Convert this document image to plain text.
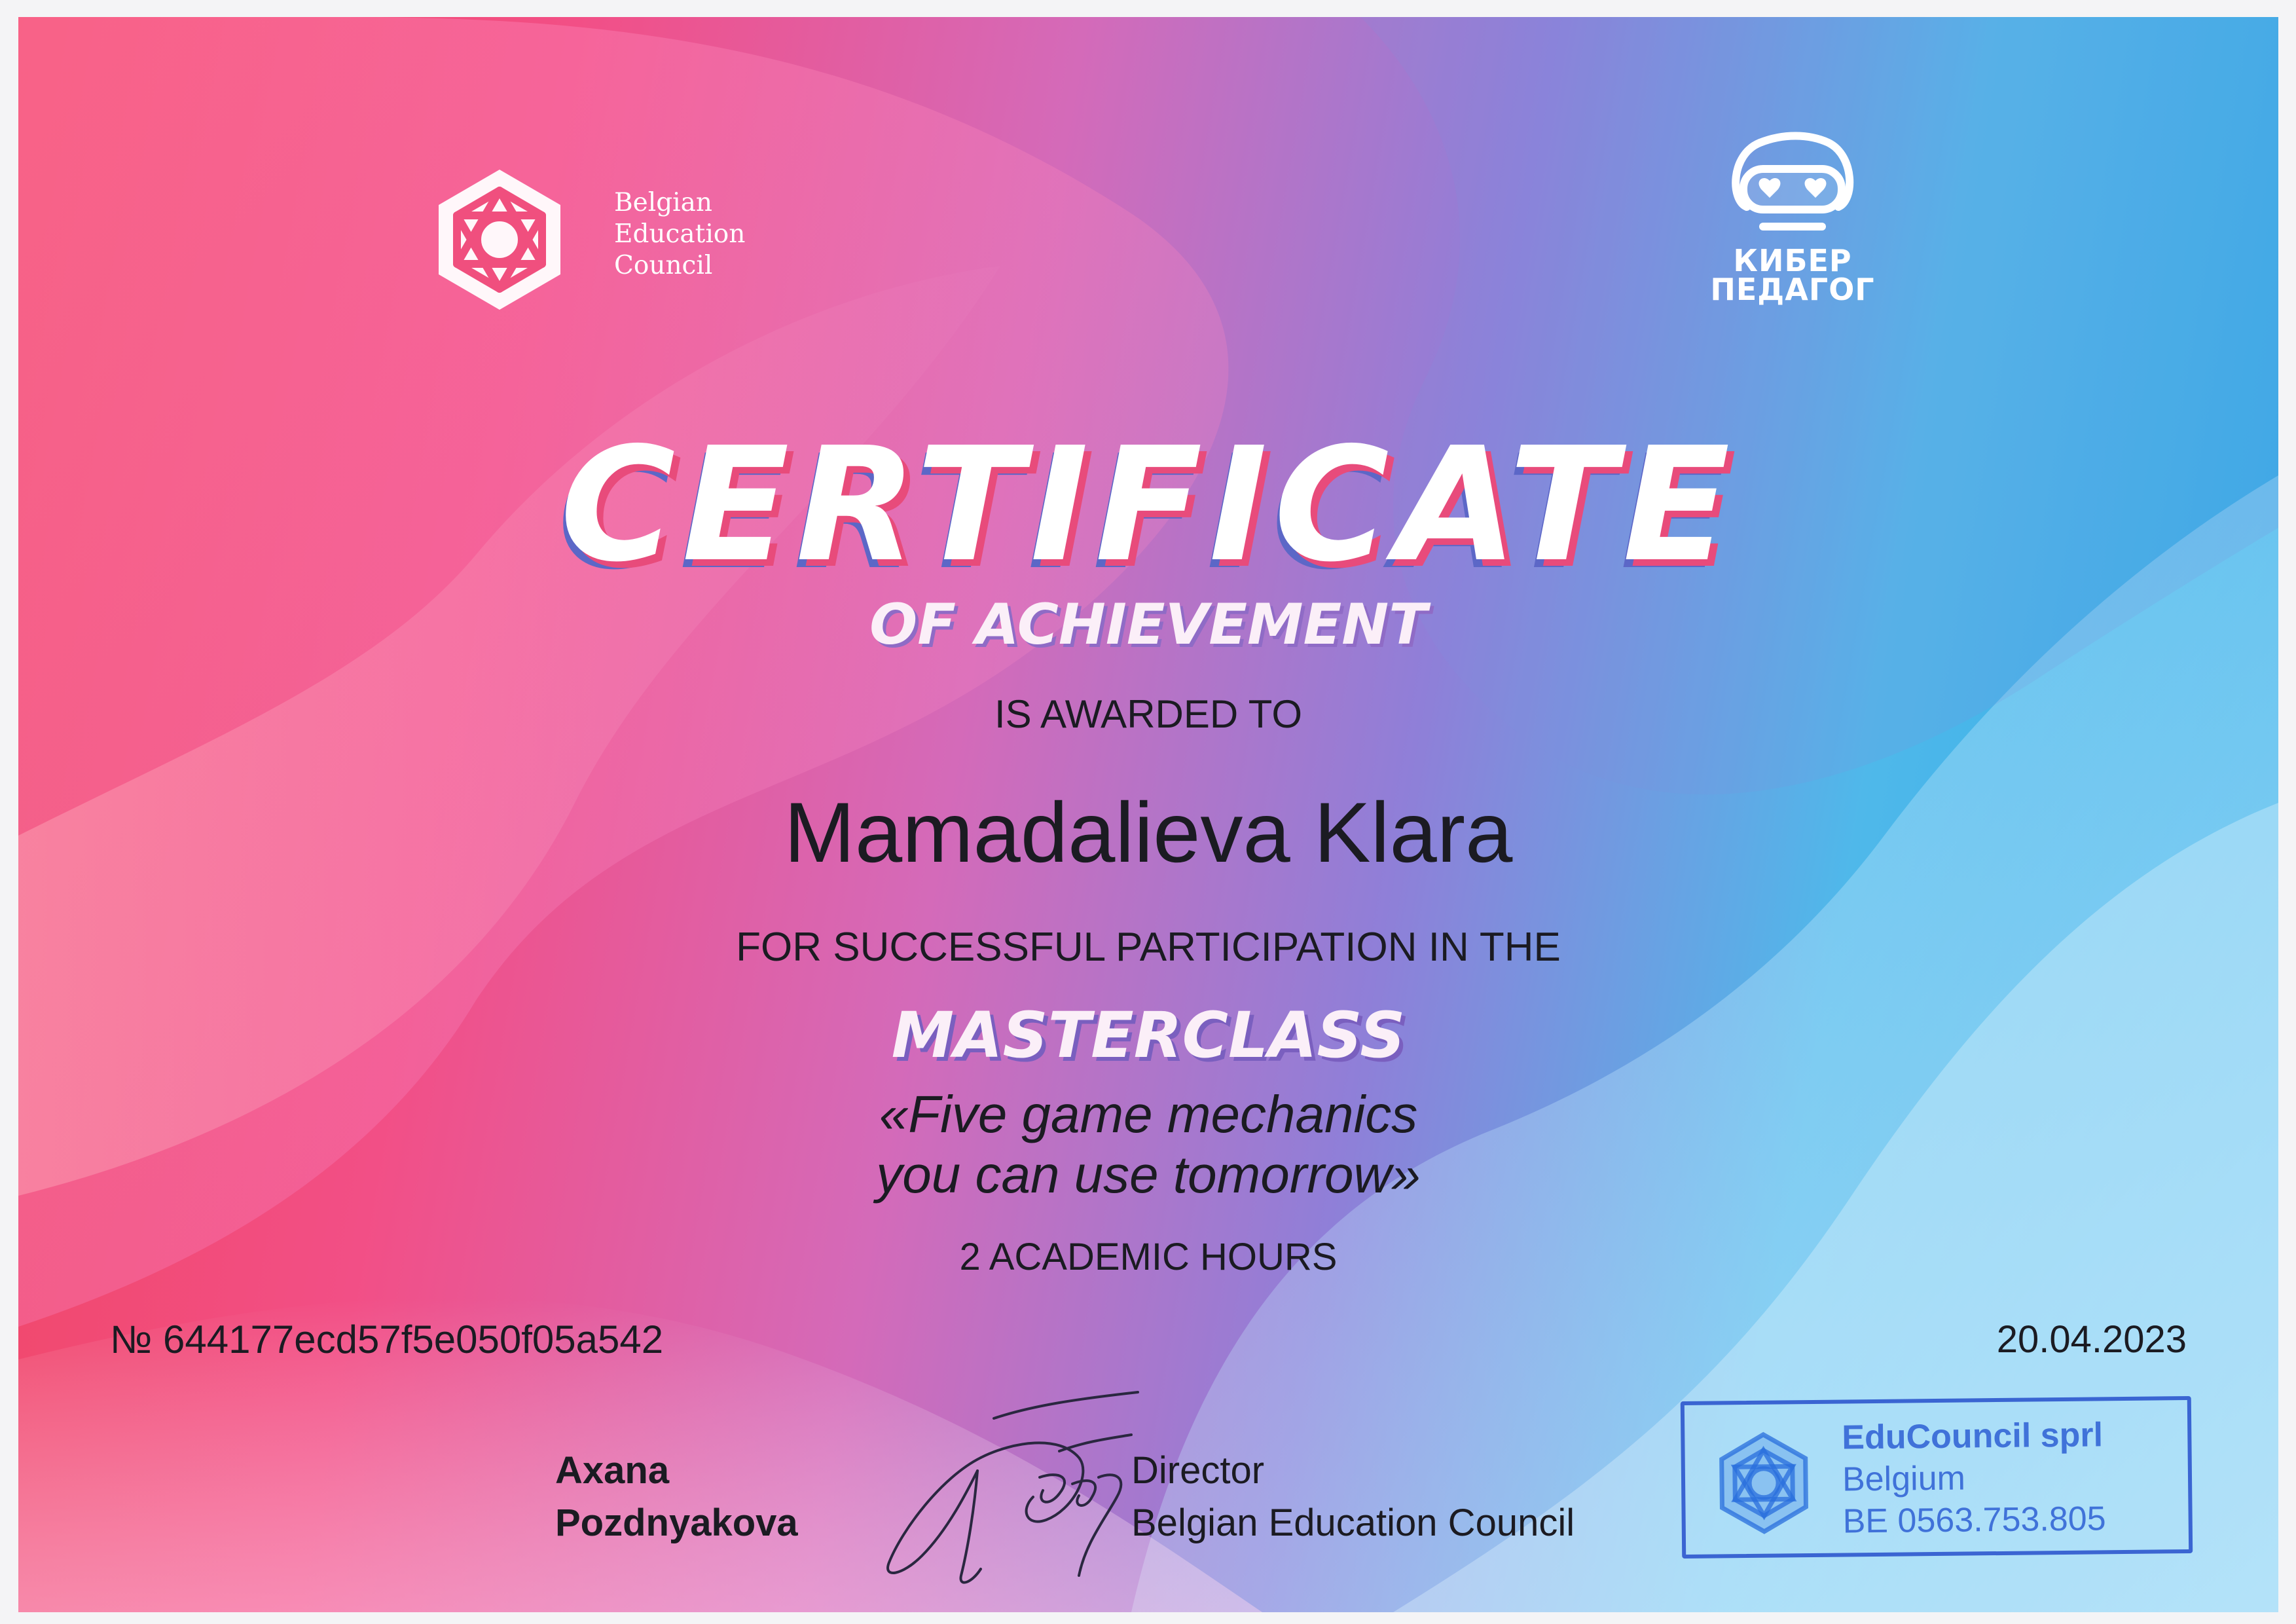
Belgian
Education
Council	КИБЕР
ПЕДАГОГ
CERTIFICATE
OF ACHIEVEMENT
IS AWARDED TO
Mamadalieva Klara
FOR SUCCESSFUL PARTICIPATION IN THE
MASTERCLASS
«Five game mechanics
you can use tomorrow»
2 ACADEMIC HOURS
№ 644177ecd57f5e050f05a542	20.04.2023
Axana
Pozdnyakova
Director
Belgian Education Council
EduCouncil sprl
Belgium
BE 0563.753.805
